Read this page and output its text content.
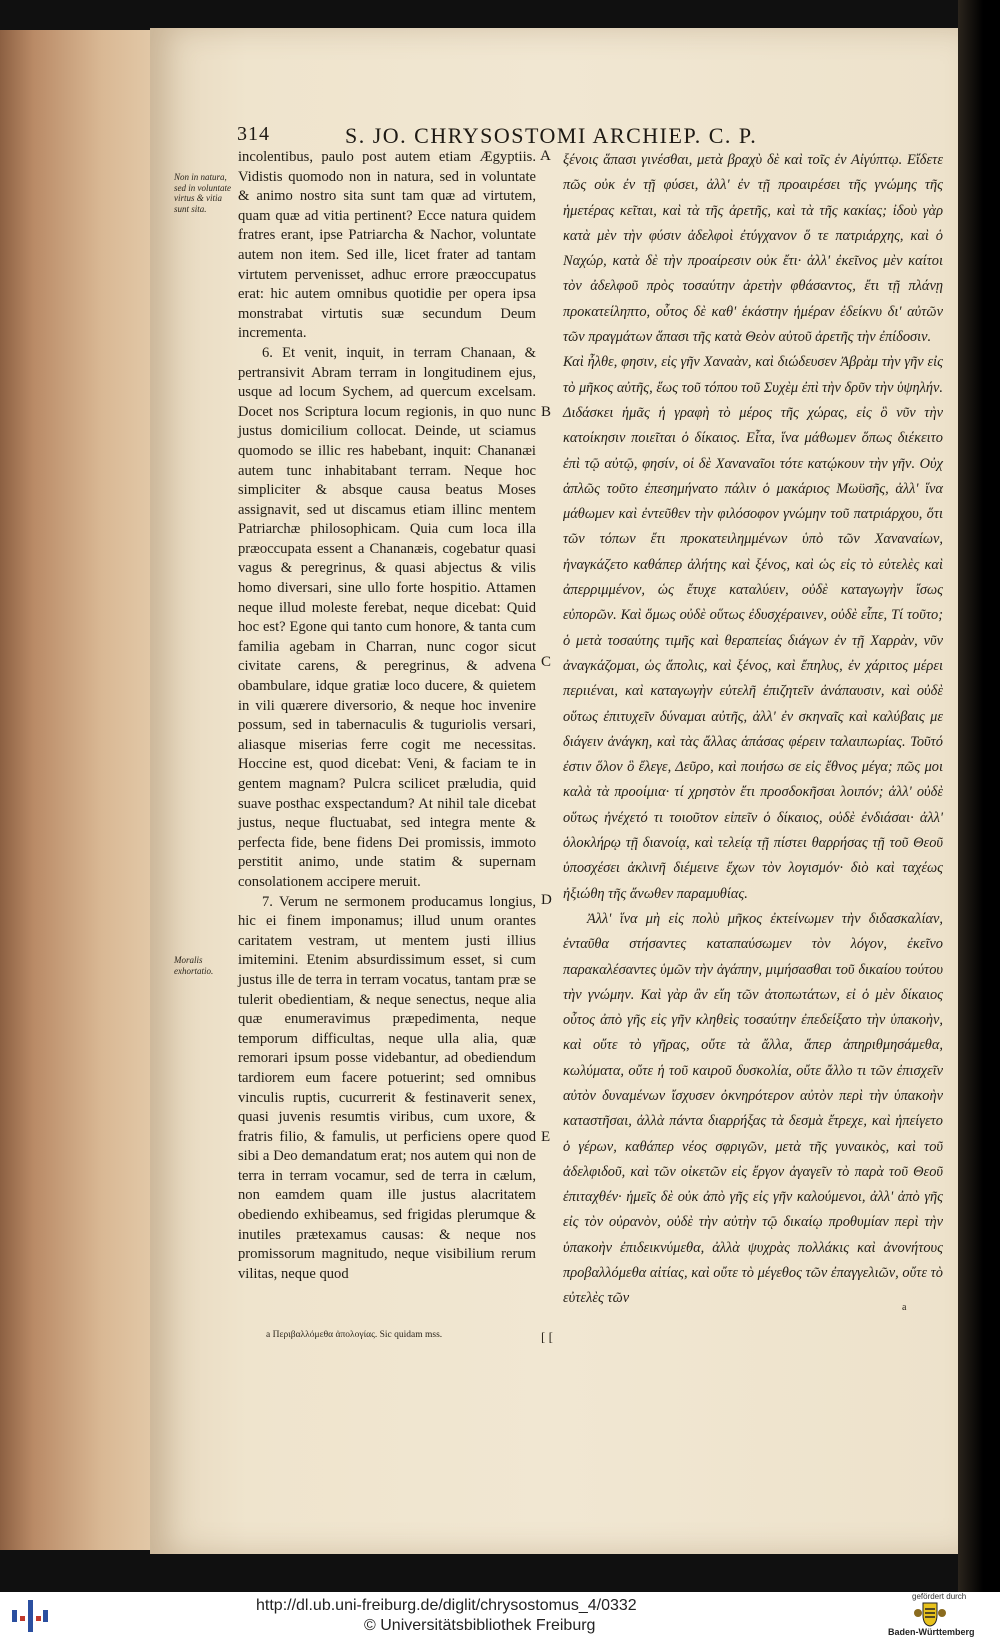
314	S. JO. CHRYSOSTOMI ARCHIEP. C. P.
Non in natura, sed in voluntate virtus & vitia sunt sita.
Moralis exhortatio.

incolentibus, paulo post autem etiam Ægyptiis. Vidistis quomodo non in natura, sed in voluntate & animo nostro sita sunt tam quæ ad virtutem, quam quæ ad vitia pertinent? Ecce natura quidem fratres erant, ipse Patriarcha & Nachor, voluntate autem non item. Sed ille, licet frater ad tantam virtutem pervenisset, adhuc errore præoccupatus erat: hic autem omnibus quotidie per opera ipsa monstrabat virtutis suæ secundum Deum incrementa.

6. Et venit, inquit, in terram Chanaan, & pertransivit Abram terram in longitudinem ejus, usque ad locum Sychem, ad quercum excelsam. Docet nos Scriptura locum regionis, in quo nunc justus domicilium collocat. Deinde, ut sciamus quomodo se illic res habebant, inquit: Chananæi autem tunc inhabitabant terram. Neque hoc simpliciter & absque causa beatus Moses assignavit, sed ut discamus etiam illinc mentem Patriarchæ philosophicam. Quia cum loca illa præoccupata essent a Chananæis, cogebatur quasi vagus & peregrinus, & quasi abjectus & vilis homo diversari, sine ullo forte hospitio. Attamen neque illud moleste ferebat, neque dicebat: Quid hoc est? Egone qui tanto cum honore, & tanta cum familia agebam in Charran, nunc cogor sicut civitate carens, & peregrinus, & advena obambulare, idque gratiæ loco ducere, & quietem in vili quærere diversorio, & neque hoc invenire possum, sed in tabernaculis & tuguriolis versari, aliasque miserias ferre cogit me necessitas. Hoccine est, quod dicebat: Veni, & faciam te in gentem magnam? Pulcra scilicet præludia, quid suave posthac exspectandum? At nihil tale dicebat justus, neque fluctuabat, sed integra mente & perfecta fide, bene fidens Dei promissis, immoto perstitit animo, unde statim & supernam consolationem accipere meruit.

7. Verum ne sermonem producamus longius, hic ei finem imponamus; illud unum orantes caritatem vestram, ut mentem justi illius imitemini. Etenim absurdissimum esset, si cum justus ille de terra in terram vocatus, tantam præ se tulerit obedientiam, & neque senectus, neque alia quæ enumeravimus præpedimenta, neque temporum difficultas, neque ulla alia, quæ remorari ipsum posse videbantur, ad obediendum tardiorem eum facere potuerint; sed omnibus vinculis ruptis, cucurrerit & festinaverit senex, quasi juvenis resumtis viribus, cum uxore, & fratris filio, & famulis, ut perficiens opere quod sibi a Deo demandatum erat; nos autem qui non de terra in terram vocamur, sed de terra in cælum, non eamdem quam ille justus alacritatem obediendo exhibeamus, sed frigidas plerumque & inutiles prætexamus causas: & neque nos promissorum magnitudo, neque visibilium rerum vilitas, neque quod

A
B
C
D
E

ξένοις ἅπασι γινέσθαι, μετὰ βραχὺ δὲ καὶ τοῖς ἐν Αἰγύπτῳ. Εἴδετε πῶς οὐκ ἐν τῇ φύσει, ἀλλ' ἐν τῇ προαιρέσει τῆς γνώμης τῆς ἡμετέρας κεῖται, καὶ τὰ τῆς ἀρετῆς, καὶ τὰ τῆς κακίας; ἰδοὺ γὰρ κατὰ μὲν τὴν φύσιν ἀδελφοὶ ἐτύγχανον ὅ τε πατριάρχης, καὶ ὁ Ναχώρ, κατὰ δὲ τὴν προαίρεσιν οὐκ ἔτι· ἀλλ' ἐκεῖνος μὲν καίτοι τὸν ἀδελφοῦ πρὸς τοσαύτην ἀρετὴν φθάσαντος, ἔτι τῇ πλάνῃ προκατείληπτο, οὗτος δὲ καθ' ἑκάστην ἡμέραν ἐδείκνυ δι' αὐτῶν τῶν πραγμάτων ἅπασι τῆς κατὰ Θεὸν αὐτοῦ ἀρετῆς τὴν ἐπίδοσιν.

Καὶ ἦλθε, φησιν, εἰς γῆν Χαναὰν, καὶ διώδευσεν Ἀβρὰμ τὴν γῆν εἰς τὸ μῆκος αὐτῆς, ἕως τοῦ τόπου τοῦ Συχὲμ ἐπὶ τὴν δρῦν τὴν ὑψηλήν. Διδάσκει ἡμᾶς ἡ γραφὴ τὸ μέρος τῆς χώρας, εἰς ὃ νῦν τὴν κατοίκησιν ποιεῖται ὁ δίκαιος. Εἶτα, ἵνα μάθωμεν ὅπως διέκειτο ἐπὶ τῷ αὐτῷ, φησίν, οἱ δὲ Χαναναῖοι τότε κατῴκουν τὴν γῆν. Οὐχ ἁπλῶς τοῦτο ἐπεσημήνατο πάλιν ὁ μακάριος Μωϋσῆς, ἀλλ' ἵνα μάθωμεν καὶ ἐντεῦθεν τὴν φιλόσοφον γνώμην τοῦ πατριάρχου, ὅτι τῶν τόπων ἔτι προκατειλημμένων ὑπὸ τῶν Χαναναίων, ἠναγκάζετο καθάπερ ἀλήτης καὶ ξένος, καὶ ὡς εἰς τὸ εὐτελὲς καὶ ἀπερριμμένον, ὡς ἔτυχε καταλύειν, οὐδὲ καταγωγὴν ἴσως εὐπορῶν. Καὶ ὅμως οὐδὲ οὕτως ἐδυσχέραινεν, οὐδὲ εἶπε, Τί τοῦτο; ὁ μετὰ τοσαύτης τιμῆς καὶ θεραπείας διάγων ἐν τῇ Χαρρὰν, νῦν ἀναγκάζομαι, ὡς ἄπολις, καὶ ξένος, καὶ ἔπηλυς, ἐν χάριτος μέρει περιιέναι, καὶ καταγωγὴν εὐτελῆ ἐπιζητεῖν ἀνάπαυσιν, καὶ οὐδὲ οὕτως ἐπιτυχεῖν δύναμαι αὐτῆς, ἀλλ' ἐν σκηναῖς καὶ καλύβαις με διάγειν ἀνάγκη, καὶ τὰς ἄλλας ἁπάσας φέρειν ταλαιπωρίας. Τοῦτό ἐστιν ὅλον ὃ ἔλεγε, Δεῦρο, καὶ ποιήσω σε εἰς ἔθνος μέγα; πῶς μοι καλὰ τὰ προοίμια· τί χρηστὸν ἔτι προσδοκῆσαι λοιπόν; ἀλλ' οὐδὲ οὕτως ἠνέχετό τι τοιοῦτον εἰπεῖν ὁ δίκαιος, οὐδὲ ἐνδιάσαι· ἀλλ' ὁλοκλήρῳ τῇ διανοίᾳ, καὶ τελείᾳ τῇ πίστει θαρρήσας τῇ τοῦ Θεοῦ ὑποσχέσει ἀκλινῆ διέμεινε ἔχων τὸν λογισμόν· διὸ καὶ ταχέως ἠξιώθη τῆς ἄνωθεν παραμυθίας.

Ἀλλ' ἵνα μὴ εἰς πολὺ μῆκος ἐκτείνωμεν τὴν διδασκαλίαν, ἐνταῦθα στήσαντες καταπαύσωμεν τὸν λόγον, ἐκεῖνο παρακαλέσαντες ὑμῶν τὴν ἀγάπην, μιμήσασθαι τοῦ δικαίου τούτου τὴν γνώμην. Καὶ γὰρ ἂν εἴη τῶν ἀτοπωτάτων, εἰ ὁ μὲν δίκαιος οὗτος ἀπὸ γῆς εἰς γῆν κληθεὶς τοσαύτην ἐπεδείξατο τὴν ὑπακοὴν, καὶ οὔτε τὸ γῆρας, οὔτε τὰ ἄλλα, ἅπερ ἀπηριθμησάμεθα, κωλύματα, οὔτε ἡ τοῦ καιροῦ δυσκολία, οὔτε ἄλλο τι τῶν ἐπισχεῖν αὐτὸν δυναμένων ἴσχυσεν ὀκνηρότερον αὐτὸν περὶ τὴν ὑπακοὴν καταστῆσαι, ἀλλὰ πάντα διαρρήξας τὰ δεσμὰ ἔτρεχε, καὶ ἠπείγετο ὁ γέρων, καθάπερ νέος σφριγῶν, μετὰ τῆς γυναικὸς, καὶ τοῦ ἀδελφιδοῦ, καὶ τῶν οἰκετῶν εἰς ἔργον ἀγαγεῖν τὸ παρὰ τοῦ Θεοῦ ἐπιταχθέν· ἡμεῖς δὲ οὐκ ἀπὸ γῆς εἰς γῆν καλούμενοι, ἀλλ' ἀπὸ γῆς εἰς τὸν οὐρανὸν, οὐδὲ τὴν αὐτὴν τῷ δικαίῳ προθυμίαν περὶ τὴν ὑπακοὴν ἐπιδεικνύμεθα, ἀλλὰ ψυχρὰς πολλάκις καὶ ἀνονήτους προβαλλόμεθα αἰτίας, καὶ οὔτε τὸ μέγεθος τῶν ἐπαγγελιῶν, οὔτε τὸ εὐτελὲς τῶν

a Περιβαλλόμεθα ἀπολογίας. Sic quidam mss.
a
[ [
http://dl.ub.uni-freiburg.de/diglit/chrysostomus_4/0332
© Universitätsbibliothek Freiburg
gefördert durch
Baden-Württemberg
